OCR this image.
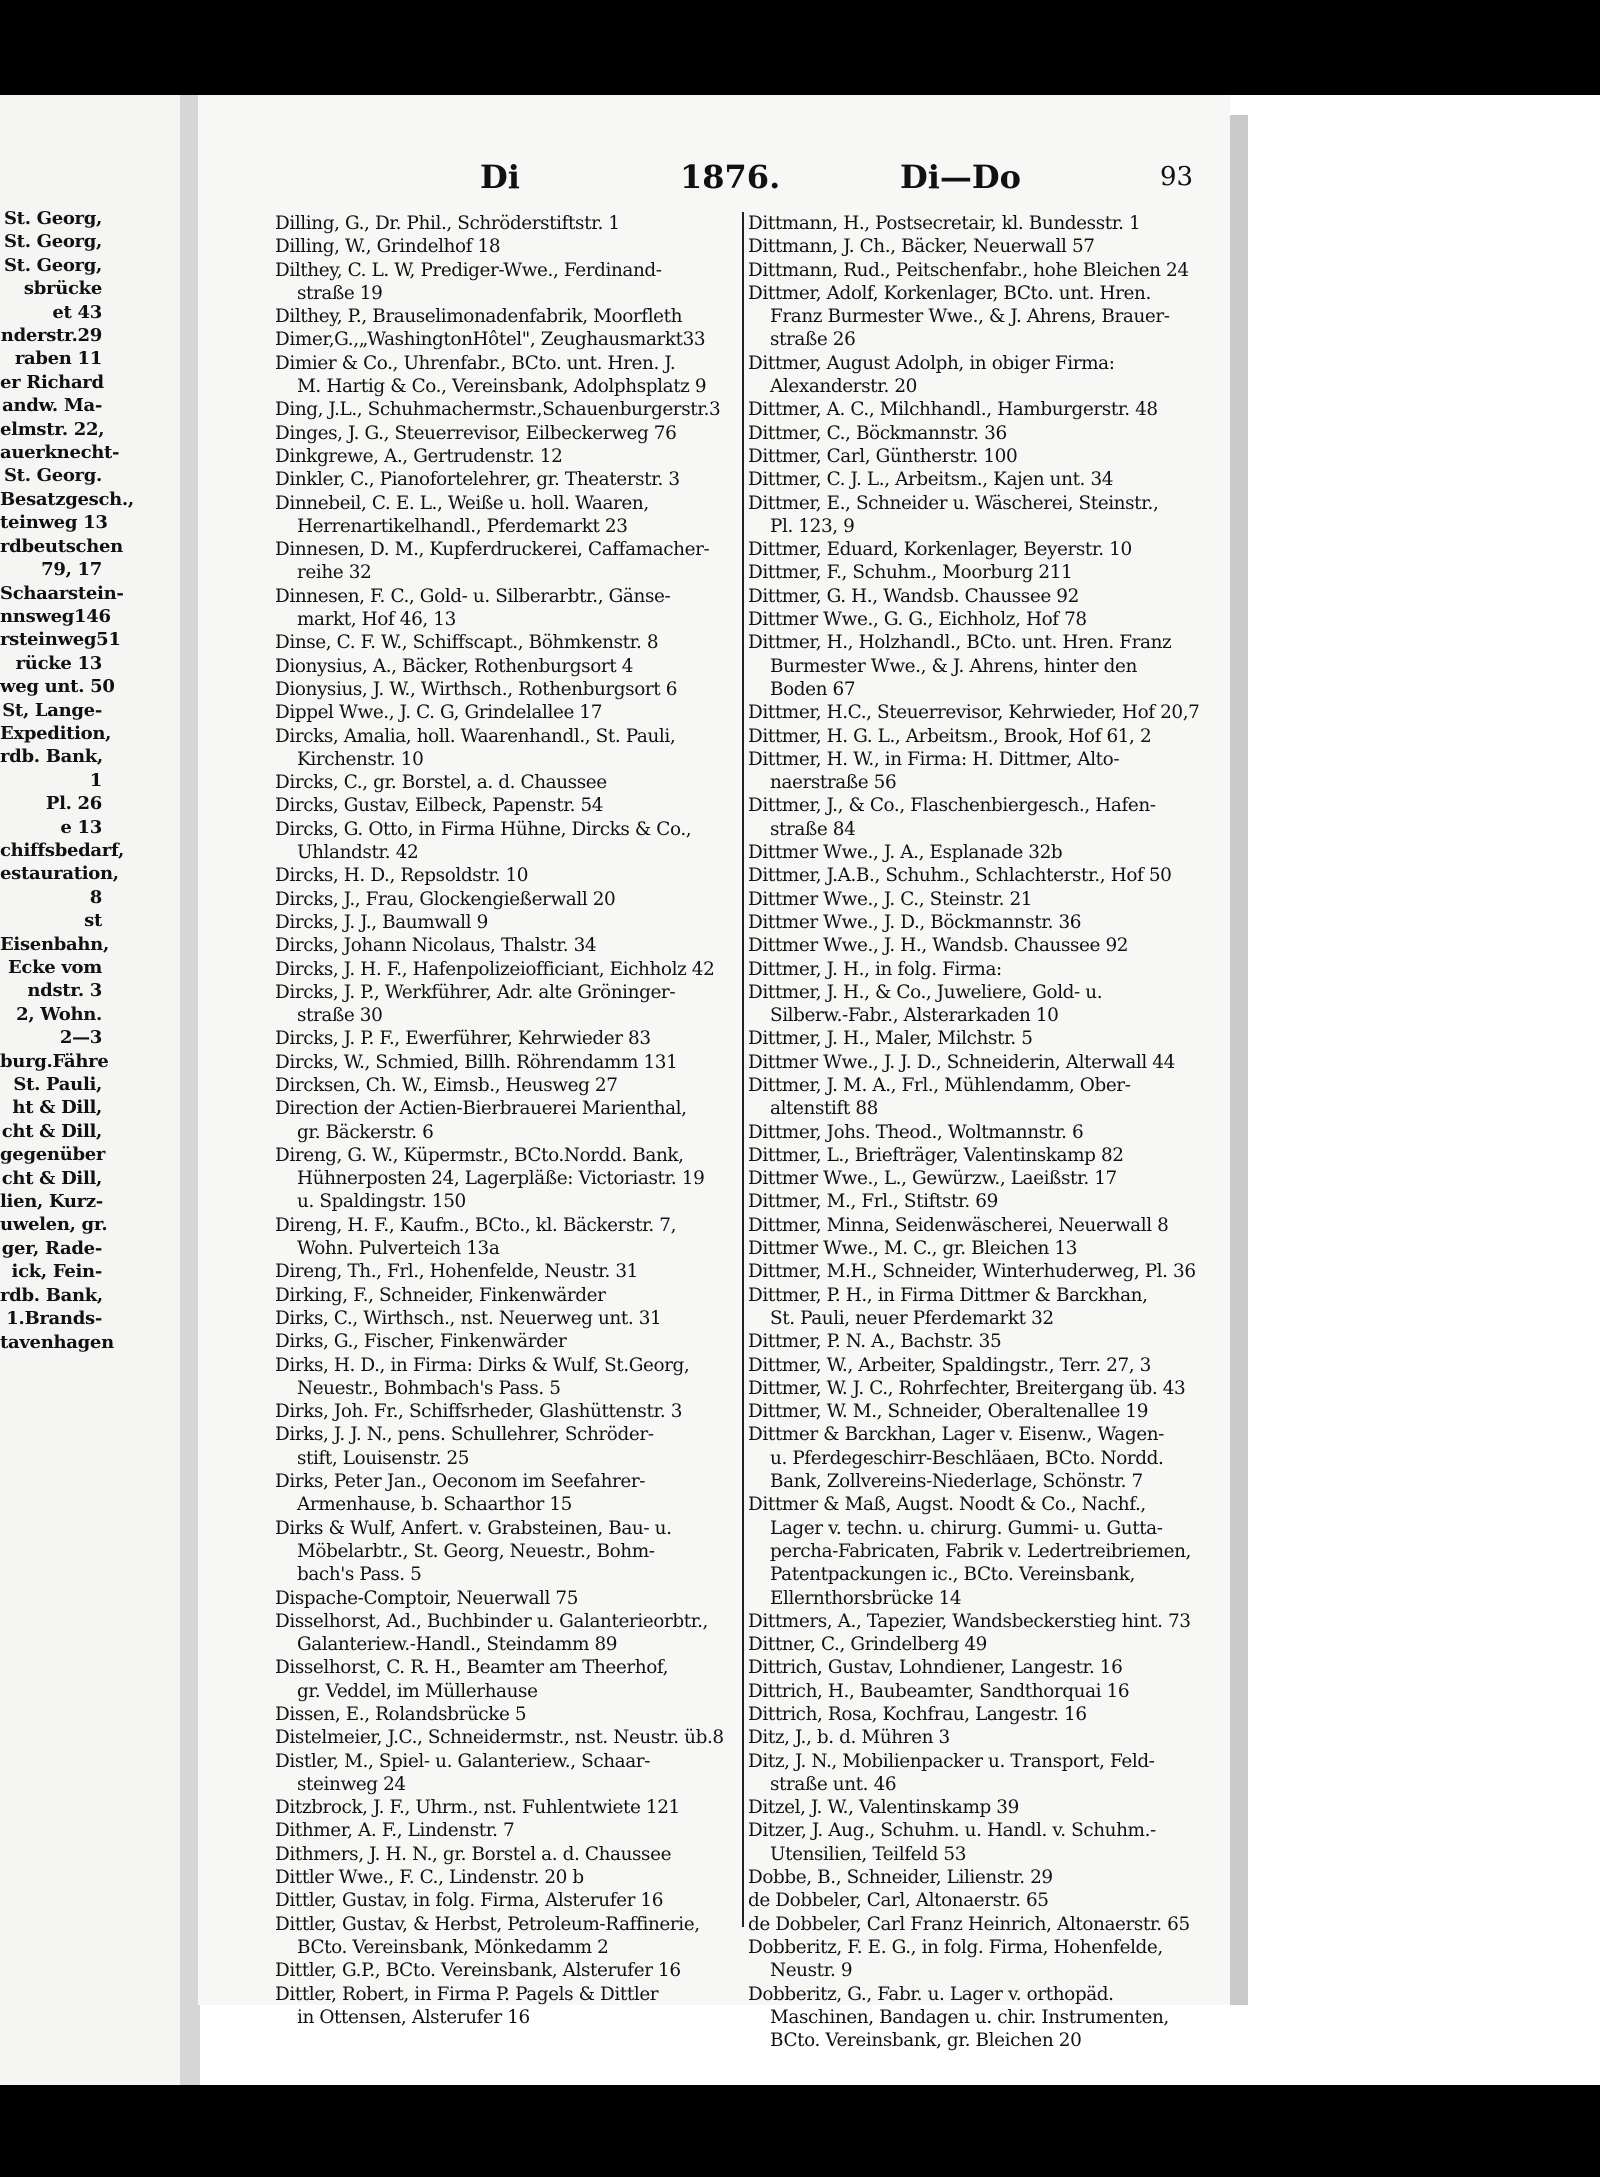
St. Georg,
St. Georg,
St. Georg,
sbrücke
et 43
nderstr.29
raben 11
er Richard
andw. Ma-
elmstr. 22,
auerknecht-
St. Georg.
Besatzgesch.,
teinweg 13
rdbeutschen
79, 17
Schaarstein-
nnsweg146
rsteinweg51
rücke 13
weg unt. 50
St, Lange-
Expedition,
rdb. Bank,
1
Pl. 26
e 13
chiffsbedarf,
estauration,
8
st
Eisenbahn,
Ecke vom
ndstr. 3
2, Wohn.
2—3
burg.Fähre
St. Pauli,
ht & Dill,
cht & Dill,
gegenüber
cht & Dill,
lien, Kurz-
uwelen, gr.
ger, Rade-
ick, Fein-
rdb. Bank,
1.Brands-
tavenhagen
Di	1876.	Di—Do	93
Dilling, G., Dr. Phil., Schröderstiftstr. 1
Dilling, W., Grindelhof 18
Dilthey, C. L. W, Prediger-Wwe., Ferdinand-
straße 19
Dilthey, P., Brauselimonadenfabrik, Moorfleth
Dimer,G.,„WashingtonHôtel", Zeughausmarkt33
Dimier & Co., Uhrenfabr., BCto. unt. Hren. J.
M. Hartig & Co., Vereinsbank, Adolphsplatz 9
Ding, J.L., Schuhmachermstr.,Schauenburgerstr.3
Dinges, J. G., Steuerrevisor, Eilbeckerweg 76
Dinkgrewe, A., Gertrudenstr. 12
Dinkler, C., Pianofortelehrer, gr. Theaterstr. 3
Dinnebeil, C. E. L., Weiße u. holl. Waaren,
Herrenartikelhandl., Pferdemarkt 23
Dinnesen, D. M., Kupferdruckerei, Caffamacher-
reihe 32
Dinnesen, F. C., Gold- u. Silberarbtr., Gänse-
markt, Hof 46, 13
Dinse, C. F. W., Schiffscapt., Böhmkenstr. 8
Dionysius, A., Bäcker, Rothenburgsort 4
Dionysius, J. W., Wirthsch., Rothenburgsort 6
Dippel Wwe., J. C. G, Grindelallee 17
Dircks, Amalia, holl. Waarenhandl., St. Pauli,
Kirchenstr. 10
Dircks, C., gr. Borstel, a. d. Chaussee
Dircks, Gustav, Eilbeck, Papenstr. 54
Dircks, G. Otto, in Firma Hühne, Dircks & Co.,
Uhlandstr. 42
Dircks, H. D., Repsoldstr. 10
Dircks, J., Frau, Glockengießerwall 20
Dircks, J. J., Baumwall 9
Dircks, Johann Nicolaus, Thalstr. 34
Dircks, J. H. F., Hafenpolizeiofficiant, Eichholz 42
Dircks, J. P., Werkführer, Adr. alte Gröninger-
straße 30
Dircks, J. P. F., Ewerführer, Kehrwieder 83
Dircks, W., Schmied, Billh. Röhrendamm 131
Dircksen, Ch. W., Eimsb., Heusweg 27
Direction der Actien-Bierbrauerei Marienthal,
gr. Bäckerstr. 6
Direng, G. W., Küpermstr., BCto.Nordd. Bank,
Hühnerposten 24, Lagerpläße: Victoriastr. 19
u. Spaldingstr. 150
Direng, H. F., Kaufm., BCto., kl. Bäckerstr. 7,
Wohn. Pulverteich 13a
Direng, Th., Frl., Hohenfelde, Neustr. 31
Dirking, F., Schneider, Finkenwärder
Dirks, C., Wirthsch., nst. Neuerweg unt. 31
Dirks, G., Fischer, Finkenwärder
Dirks, H. D., in Firma: Dirks & Wulf, St.Georg,
Neuestr., Bohmbach's Pass. 5
Dirks, Joh. Fr., Schiffsrheder, Glashüttenstr. 3
Dirks, J. J. N., pens. Schullehrer, Schröder-
stift, Louisenstr. 25
Dirks, Peter Jan., Oeconom im Seefahrer-
Armenhause, b. Schaarthor 15
Dirks & Wulf, Anfert. v. Grabsteinen, Bau- u.
Möbelarbtr., St. Georg, Neuestr., Bohm-
bach's Pass. 5
Dispache-Comptoir, Neuerwall 75
Disselhorst, Ad., Buchbinder u. Galanterieorbtr.,
Galanteriew.-Handl., Steindamm 89
Disselhorst, C. R. H., Beamter am Theerhof,
gr. Veddel, im Müllerhause
Dissen, E., Rolandsbrücke 5
Distelmeier, J.C., Schneidermstr., nst. Neustr. üb.8
Distler, M., Spiel- u. Galanteriew., Schaar-
steinweg 24
Ditzbrock, J. F., Uhrm., nst. Fuhlentwiete 121
Dithmer, A. F., Lindenstr. 7
Dithmers, J. H. N., gr. Borstel a. d. Chaussee
Dittler Wwe., F. C., Lindenstr. 20 b
Dittler, Gustav, in folg. Firma, Alsterufer 16
Dittler, Gustav, & Herbst, Petroleum-Raffinerie,
BCto. Vereinsbank, Mönkedamm 2
Dittler, G.P., BCto. Vereinsbank, Alsterufer 16
Dittler, Robert, in Firma P. Pagels & Dittler
in Ottensen, Alsterufer 16
Dittmann, H., Postsecretair, kl. Bundesstr. 1
Dittmann, J. Ch., Bäcker, Neuerwall 57
Dittmann, Rud., Peitschenfabr., hohe Bleichen 24
Dittmer, Adolf, Korkenlager, BCto. unt. Hren.
Franz Burmester Wwe., & J. Ahrens, Brauer-
straße 26
Dittmer, August Adolph, in obiger Firma:
Alexanderstr. 20
Dittmer, A. C., Milchhandl., Hamburgerstr. 48
Dittmer, C., Böckmannstr. 36
Dittmer, Carl, Güntherstr. 100
Dittmer, C. J. L., Arbeitsm., Kajen unt. 34
Dittmer, E., Schneider u. Wäscherei, Steinstr.,
Pl. 123, 9
Dittmer, Eduard, Korkenlager, Beyerstr. 10
Dittmer, F., Schuhm., Moorburg 211
Dittmer, G. H., Wandsb. Chaussee 92
Dittmer Wwe., G. G., Eichholz, Hof 78
Dittmer, H., Holzhandl., BCto. unt. Hren. Franz
Burmester Wwe., & J. Ahrens, hinter den
Boden 67
Dittmer, H.C., Steuerrevisor, Kehrwieder, Hof 20,7
Dittmer, H. G. L., Arbeitsm., Brook, Hof 61, 2
Dittmer, H. W., in Firma: H. Dittmer, Alto-
naerstraße 56
Dittmer, J., & Co., Flaschenbiergesch., Hafen-
straße 84
Dittmer Wwe., J. A., Esplanade 32b
Dittmer, J.A.B., Schuhm., Schlachterstr., Hof 50
Dittmer Wwe., J. C., Steinstr. 21
Dittmer Wwe., J. D., Böckmannstr. 36
Dittmer Wwe., J. H., Wandsb. Chaussee 92
Dittmer, J. H., in folg. Firma:
Dittmer, J. H., & Co., Juweliere, Gold- u.
Silberw.-Fabr., Alsterarkaden 10
Dittmer, J. H., Maler, Milchstr. 5
Dittmer Wwe., J. J. D., Schneiderin, Alterwall 44
Dittmer, J. M. A., Frl., Mühlendamm, Ober-
altenstift 88
Dittmer, Johs. Theod., Woltmannstr. 6
Dittmer, L., Briefträger, Valentinskamp 82
Dittmer Wwe., L., Gewürzw., Laeißstr. 17
Dittmer, M., Frl., Stiftstr. 69
Dittmer, Minna, Seidenwäscherei, Neuerwall 8
Dittmer Wwe., M. C., gr. Bleichen 13
Dittmer, M.H., Schneider, Winterhuderweg, Pl. 36
Dittmer, P. H., in Firma Dittmer & Barckhan,
St. Pauli, neuer Pferdemarkt 32
Dittmer, P. N. A., Bachstr. 35
Dittmer, W., Arbeiter, Spaldingstr., Terr. 27, 3
Dittmer, W. J. C., Rohrfechter, Breitergang üb. 43
Dittmer, W. M., Schneider, Oberaltenallee 19
Dittmer & Barckhan, Lager v. Eisenw., Wagen-
u. Pferdegeschirr-Beschläaen, BCto. Nordd.
Bank, Zollvereins-Niederlage, Schönstr. 7
Dittmer & Maß, Augst. Noodt & Co., Nachf.,
Lager v. techn. u. chirurg. Gummi- u. Gutta-
percha-Fabricaten, Fabrik v. Ledertreibriemen,
Patentpackungen ic., BCto. Vereinsbank,
Ellernthorsbrücke 14
Dittmers, A., Tapezier, Wandsbeckerstieg hint. 73
Dittner, C., Grindelberg 49
Dittrich, Gustav, Lohndiener, Langestr. 16
Dittrich, H., Baubeamter, Sandthorquai 16
Dittrich, Rosa, Kochfrau, Langestr. 16
Ditz, J., b. d. Mühren 3
Ditz, J. N., Mobilienpacker u. Transport, Feld-
straße unt. 46
Ditzel, J. W., Valentinskamp 39
Ditzer, J. Aug., Schuhm. u. Handl. v. Schuhm.-
Utensilien, Teilfeld 53
Dobbe, B., Schneider, Lilienstr. 29
de Dobbeler, Carl, Altonaerstr. 65
de Dobbeler, Carl Franz Heinrich, Altonaerstr. 65
Dobberitz, F. E. G., in folg. Firma, Hohenfelde,
Neustr. 9
Dobberitz, G., Fabr. u. Lager v. orthopäd.
Maschinen, Bandagen u. chir. Instrumenten,
BCto. Vereinsbank, gr. Bleichen 20
